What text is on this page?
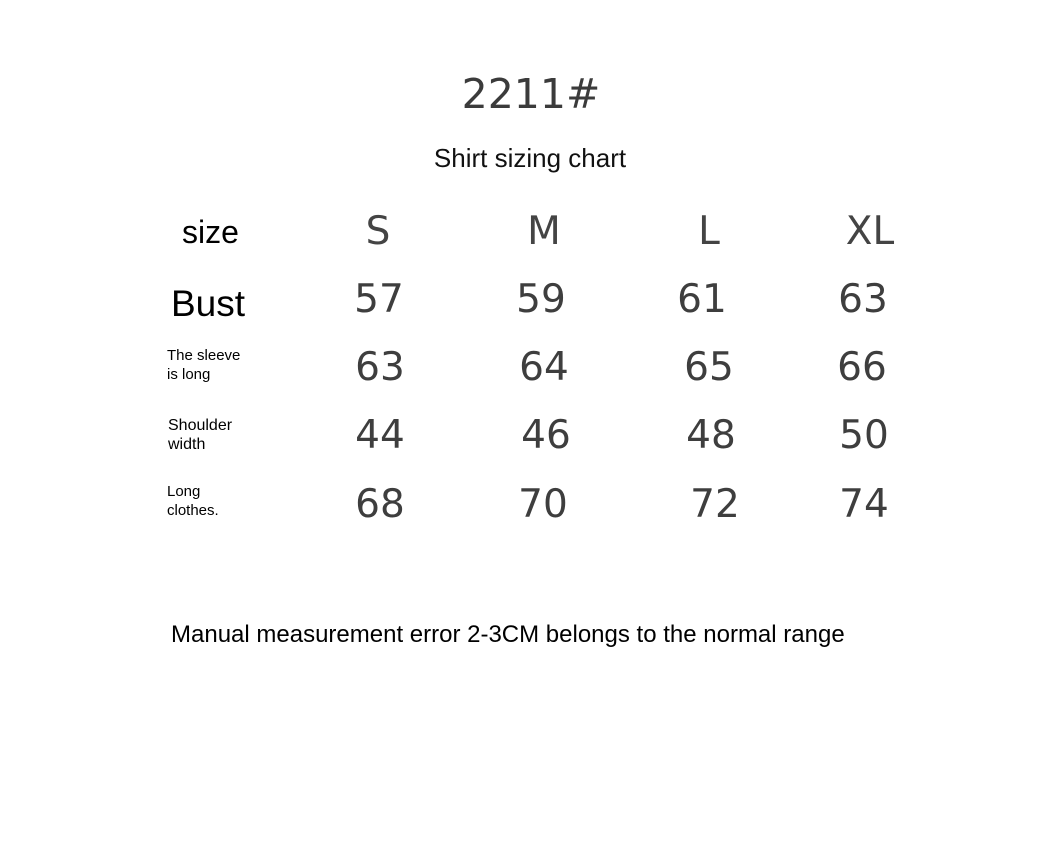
2211#
Shirt sizing chart
size	S	M	L	XL
Bust	57	59	61	63
The sleeve
is long	63	64	65	66
Shoulder
width	44	46	48	50
Long
clothes.	68	70	72	74
Manual measurement error 2-3CM belongs to the normal range
